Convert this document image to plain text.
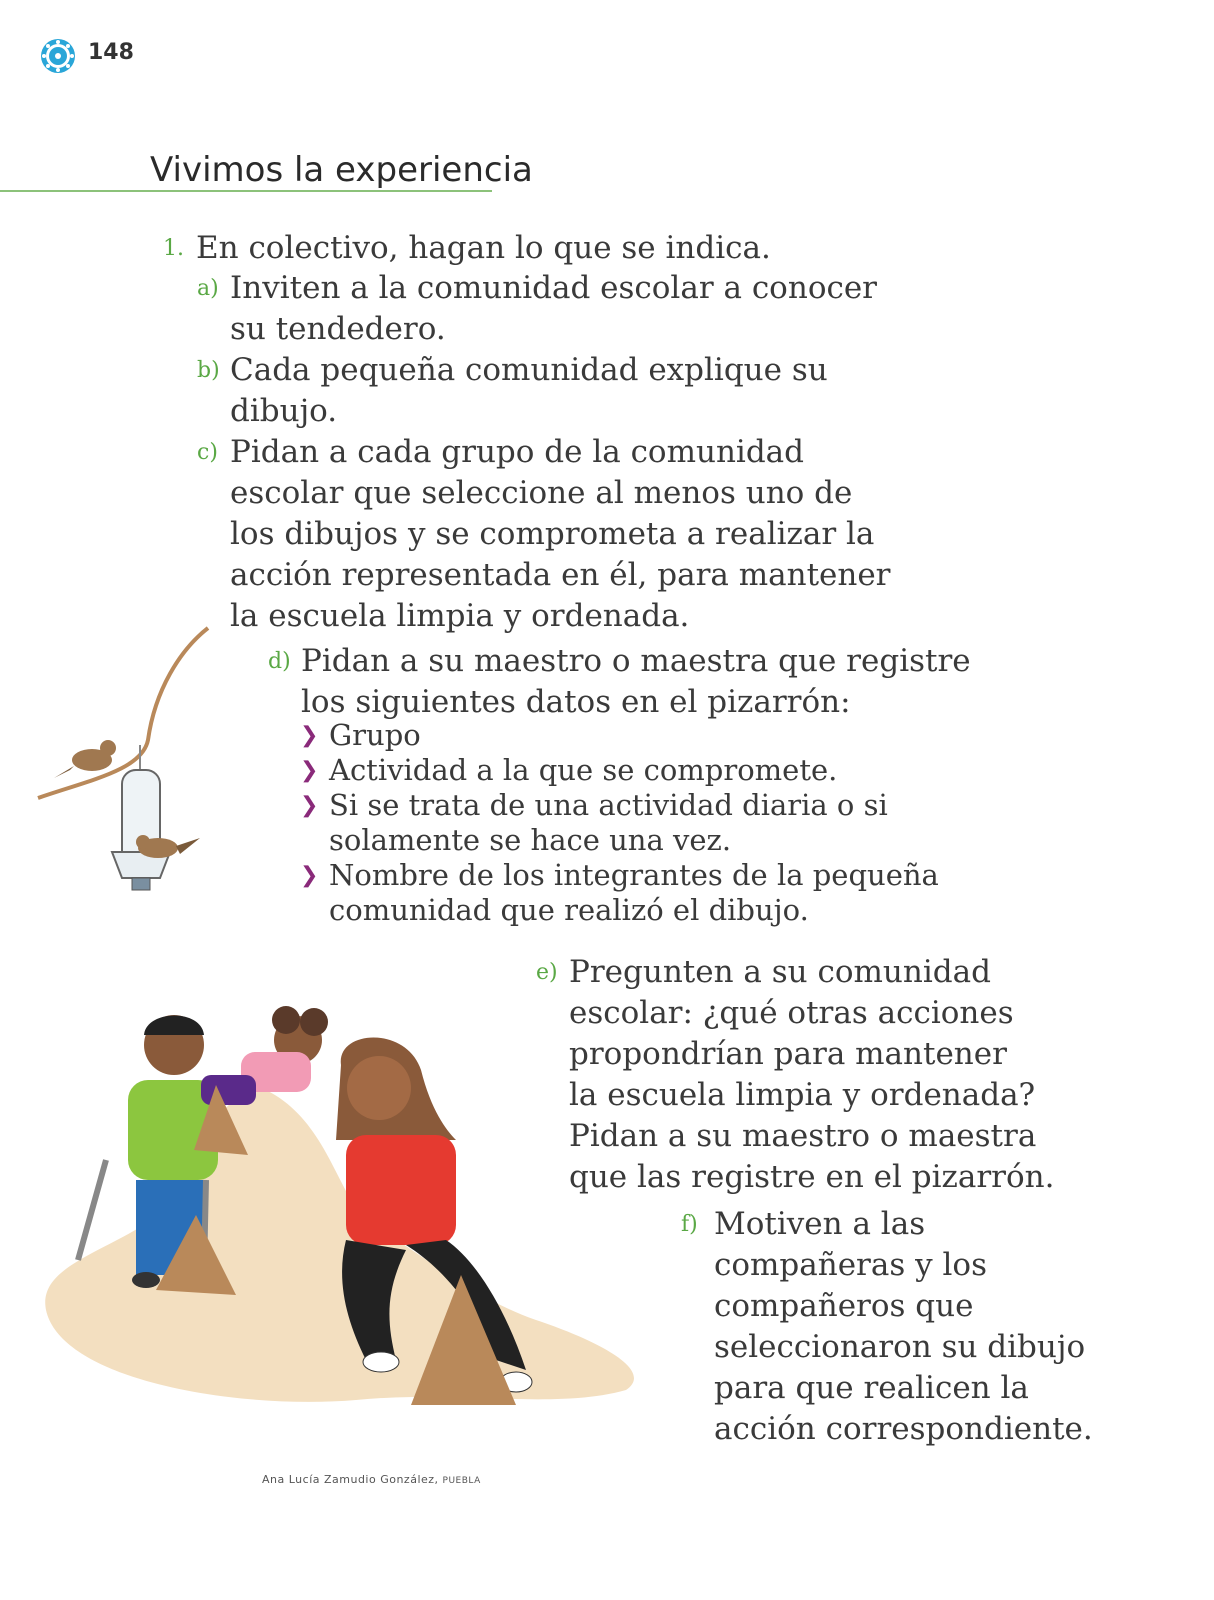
148
Vivimos la experiencia
1. En colectivo, hagan lo que se indica.
a) Inviten a la comunidad escolar a conocer
su tendedero.
b) Cada pequeña comunidad explique su
dibujo.
c) Pidan a cada grupo de la comunidad
escolar que seleccione al menos uno de
los dibujos y se comprometa a realizar la
acción representada en él, para mantener
la escuela limpia y ordenada.
d) Pidan a su maestro o maestra que registre
los siguientes datos en el pizarrón:
❯ Grupo
❯ Actividad a la que se compromete.
❯ Si se trata de una actividad diaria o si
solamente se hace una vez.
❯ Nombre de los integrantes de la pequeña
comunidad que realizó el dibujo.
e) Pregunten a su comunidad
escolar: ¿qué otras acciones
propondrían para mantener
la escuela limpia y ordenada?
Pidan a su maestro o maestra
que las registre en el pizarrón.
f) Motiven a las
compañeras y los
compañeros que
seleccionaron su dibujo
para que realicen la
acción correspondiente.
Ana Lucía Zamudio González, PUEBLA
